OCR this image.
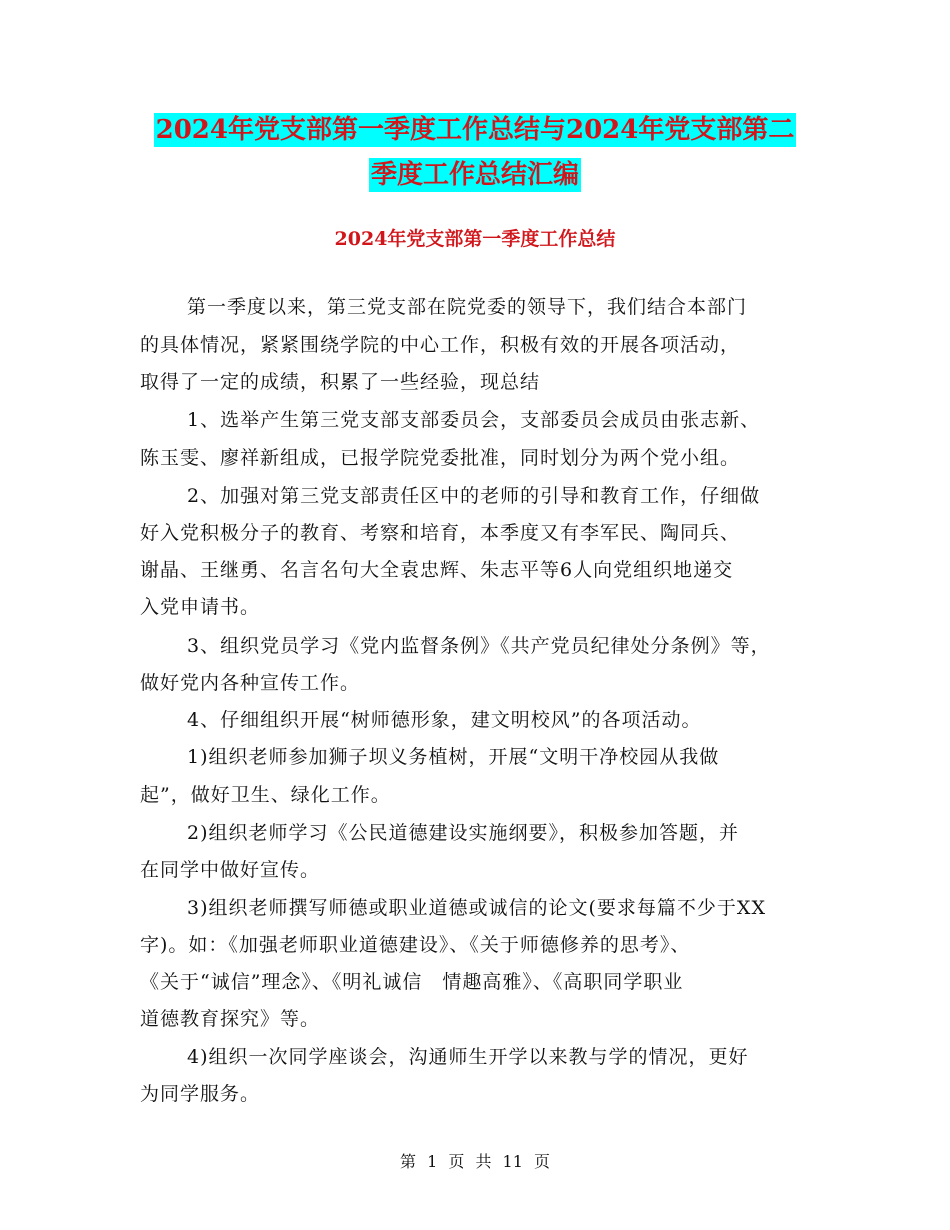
2024年党支部第一季度工作总结与2024年党支部第二
季度工作总结汇编
2024年党支部第一季度工作总结
第一季度以来，第三党支部在院党委的领导下，我们结合本部门
的具体情况，紧紧围绕学院的中心工作，积极有效的开展各项活动，
取得了一定的成绩，积累了一些经验，现总结
1、选举产生第三党支部支部委员会，支部委员会成员由张志新、
陈玉雯、廖祥新组成，已报学院党委批准，同时划分为两个党小组。
2、加强对第三党支部责任区中的老师的引导和教育工作，仔细做
好入党积极分子的教育、考察和培育，本季度又有李军民、陶同兵、
谢晶、王继勇、名言名句大全袁忠辉、朱志平等6人向党组织地递交
入党申请书。
3、组织党员学习《党内监督条例》《共产党员纪律处分条例》等，
做好党内各种宣传工作。
4、仔细组织开展“树师德形象，建文明校风”的各项活动。
1)组织老师参加狮子坝义务植树，开展“文明干净校园从我做
起”，做好卫生、绿化工作。
2)组织老师学习《公民道德建设实施纲要》，积极参加答题，并
在同学中做好宣传。
3)组织老师撰写师德或职业道德或诚信的论文(要求每篇不少于XX
字)。如：《加强老师职业道德建设》、《关于师德修养的思考》、
《关于“诚信”理念》、《明礼诚信　情趣高雅》、《高职同学职业
道德教育探究》等。
4)组织一次同学座谈会，沟通师生开学以来教与学的情况，更好
为同学服务。
第 1 页 共 11 页
